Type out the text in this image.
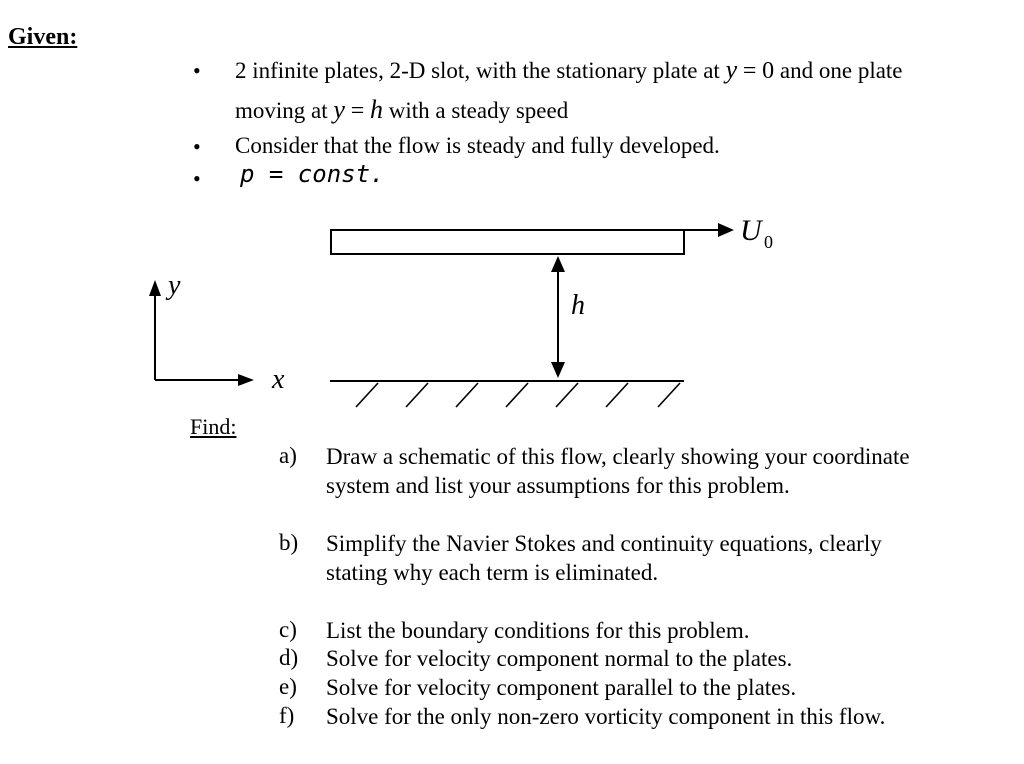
Given:
• 2 infinite plates, 2-D slot, with the stationary plate at y = 0 and one plate
moving at y = h with a steady speed
• Consider that the flow is steady and fully developed.
• p = const.
U 0
h
y
x
Find:
a) Draw a schematic of this flow, clearly showing your coordinate
system and list your assumptions for this problem.
b) Simplify the Navier Stokes and continuity equations, clearly
stating why each term is eliminated.
c) List the boundary conditions for this problem.
d) Solve for velocity component normal to the plates.
e) Solve for velocity component parallel to the plates.
f) Solve for the only non-zero vorticity component in this flow.
